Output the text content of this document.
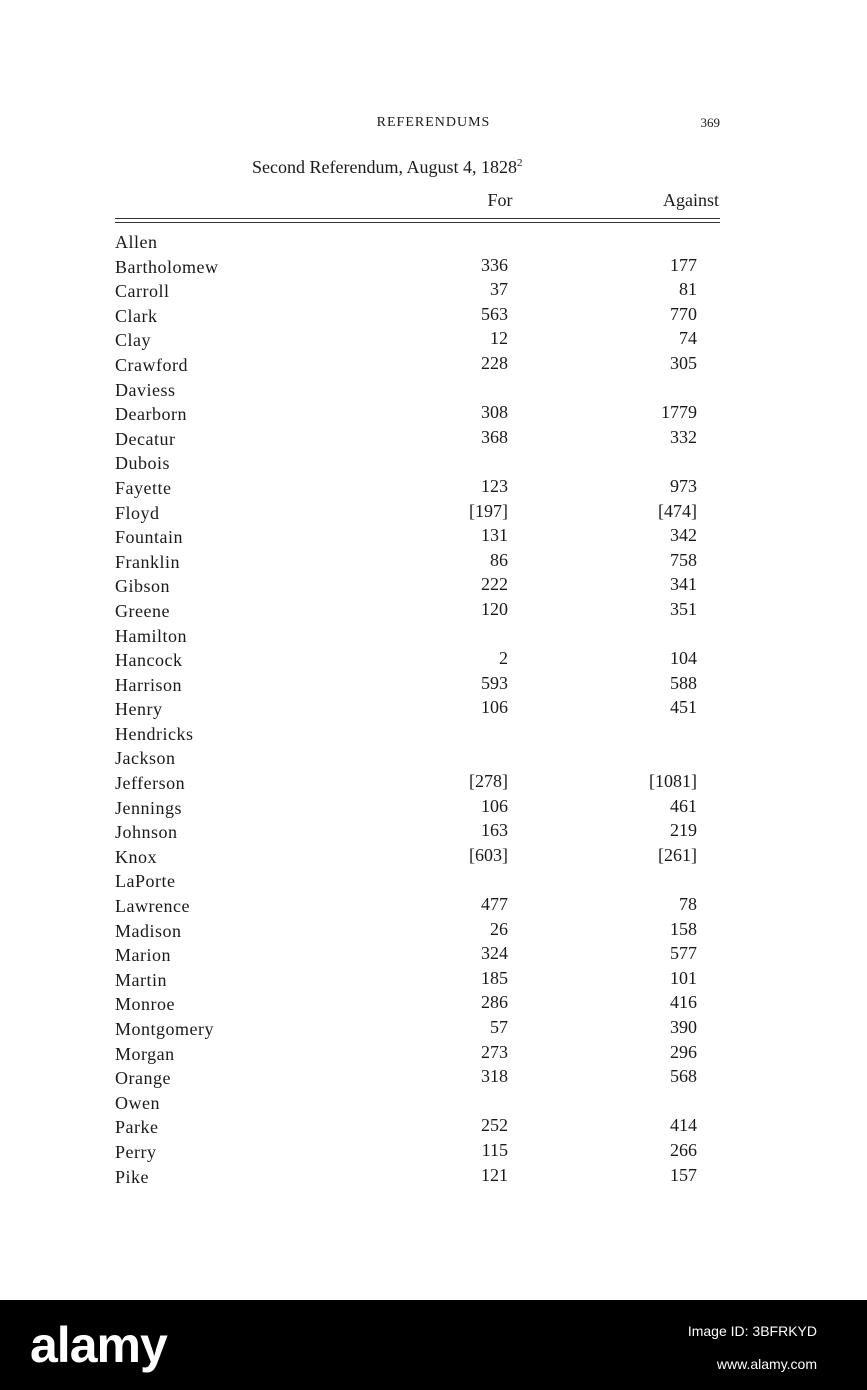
REFERENDUMS	369
Second Referendum, August 4, 1828$^2$
For	Against
Allen
Bartholomew	336	177
Carroll	37	81
Clark	563	770
Clay	12	74
Crawford	228	305
Daviess
Dearborn	308	1779
Decatur	368	332
Dubois
Fayette	123	973
Floyd	[197]	[474]
Fountain	131	342
Franklin	86	758
Gibson	222	341
Greene	120	351
Hamilton
Hancock	2	104
Harrison	593	588
Henry	106	451
Hendricks
Jackson
Jefferson	[278]	[1081]
Jennings	106	461
Johnson	163	219
Knox	[603]	[261]
LaPorte
Lawrence	477	78
Madison	26	158
Marion	324	577
Martin	185	101
Monroe	286	416
Montgomery	57	390
Morgan	273	296
Orange	318	568
Owen
Parke	252	414
Perry	115	266
Pike	121	157
alamy	Image ID: 3BFRKYD
www.alamy.com
